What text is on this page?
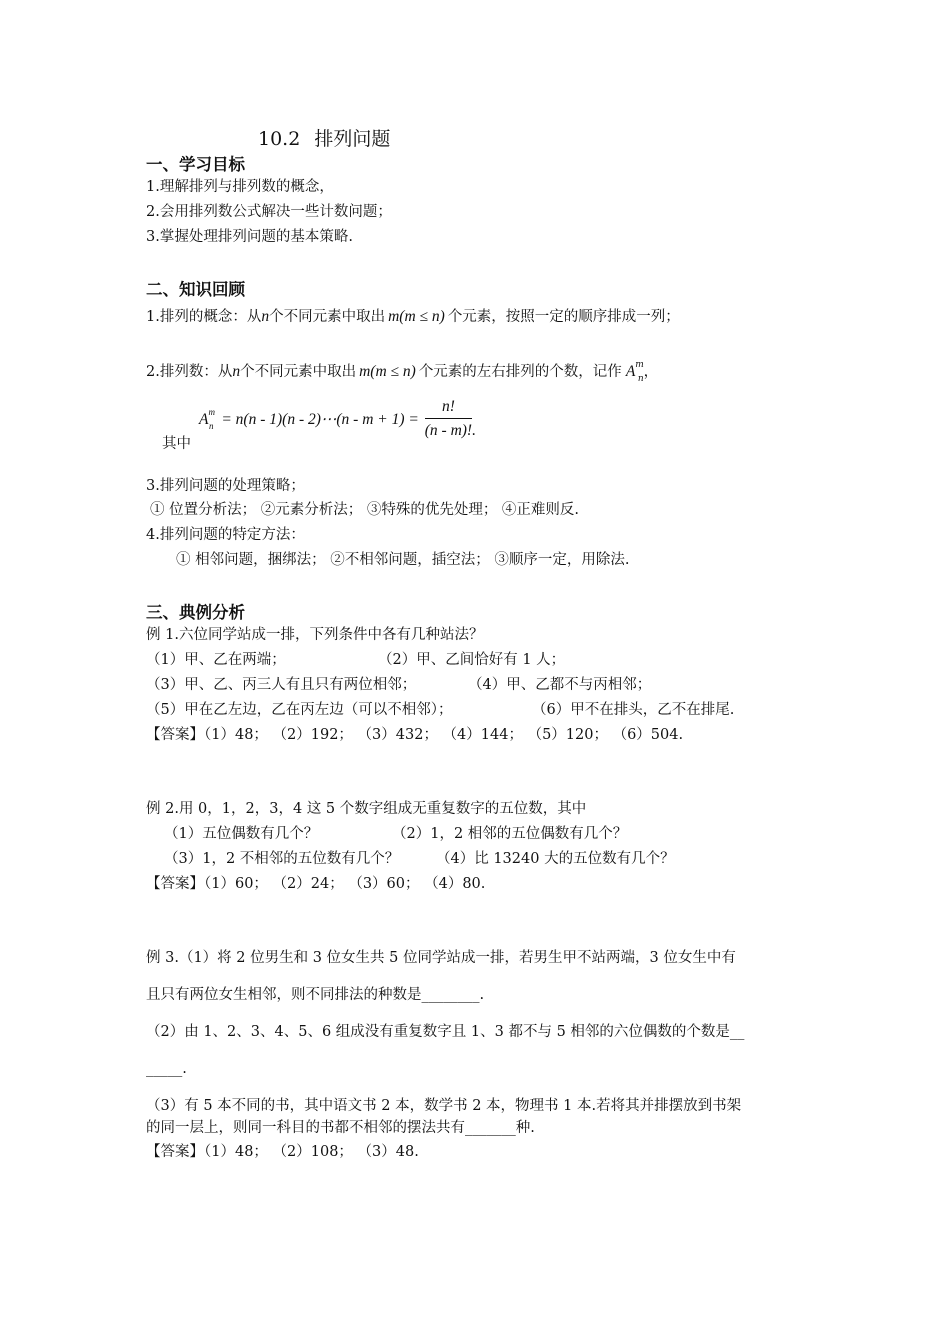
10.2 排列问题
一、学习目标
1.理解排列与排列数的概念，
2.会用排列数公式解决一些计数问题；
3.掌握处理排列问题的基本策略.
二、知识回顾
1.排列的概念：从n个不同元素中取出 m(m ≤ n) 个元素，按照一定的顺序排成一列；
2.排列数：从n个不同元素中取出 m(m ≤ n) 个元素的左右排列的个数，记作 $A^m_n$，
其中
$A^m_n = n(n - 1)(n$ - 2)⋯(n - $m + 1) = \frac{n!}{(n - m)!}$ .
3.排列问题的处理策略；
① 位置分析法； ②元素分析法； ③特殊的优先处理； ④正难则反.
4.排列问题的特定方法：
① 相邻问题，捆绑法； ②不相邻问题，插空法； ③顺序一定，用除法.
三、典例分析
例 1.六位同学站成一排，下列条件中各有几种站法？
（1）甲、乙在两端；	（2）甲、乙间恰好有 1 人；
（3）甲、乙、丙三人有且只有两位相邻；	（4）甲、乙都不与丙相邻；
（5）甲在乙左边，乙在丙左边（可以不相邻）；	（6）甲不在排头，乙不在排尾.
【答案】（1）48； （2）192； （3）432； （4）144； （5）120； （6）504.
例 2.用 0，1，2，3，4 这 5 个数字组成无重复数字的五位数，其中
（1）五位偶数有几个？	（2）1，2 相邻的五位偶数有几个？
（3）1，2 不相邻的五位数有几个？	（4）比 13240 大的五位数有几个？
【答案】（1）60； （2）24； （3）60； （4）80.
例 3.（1）将 2 位男生和 3 位女生共 5 位同学站成一排，若男生甲不站两端，3 位女生中有
且只有两位女生相邻，则不同排法的种数是________.
（2）由 1、2、3、4、5、6 组成没有重复数字且 1、3 都不与 5 相邻的六位偶数的个数是__
_____.
（3）有 5 本不同的书，其中语文书 2 本，数学书 2 本，物理书 1 本.若将其并排摆放到书架
的同一层上，则同一科目的书都不相邻的摆法共有_______种.
【答案】（1）48； （2）108； （3）48.
